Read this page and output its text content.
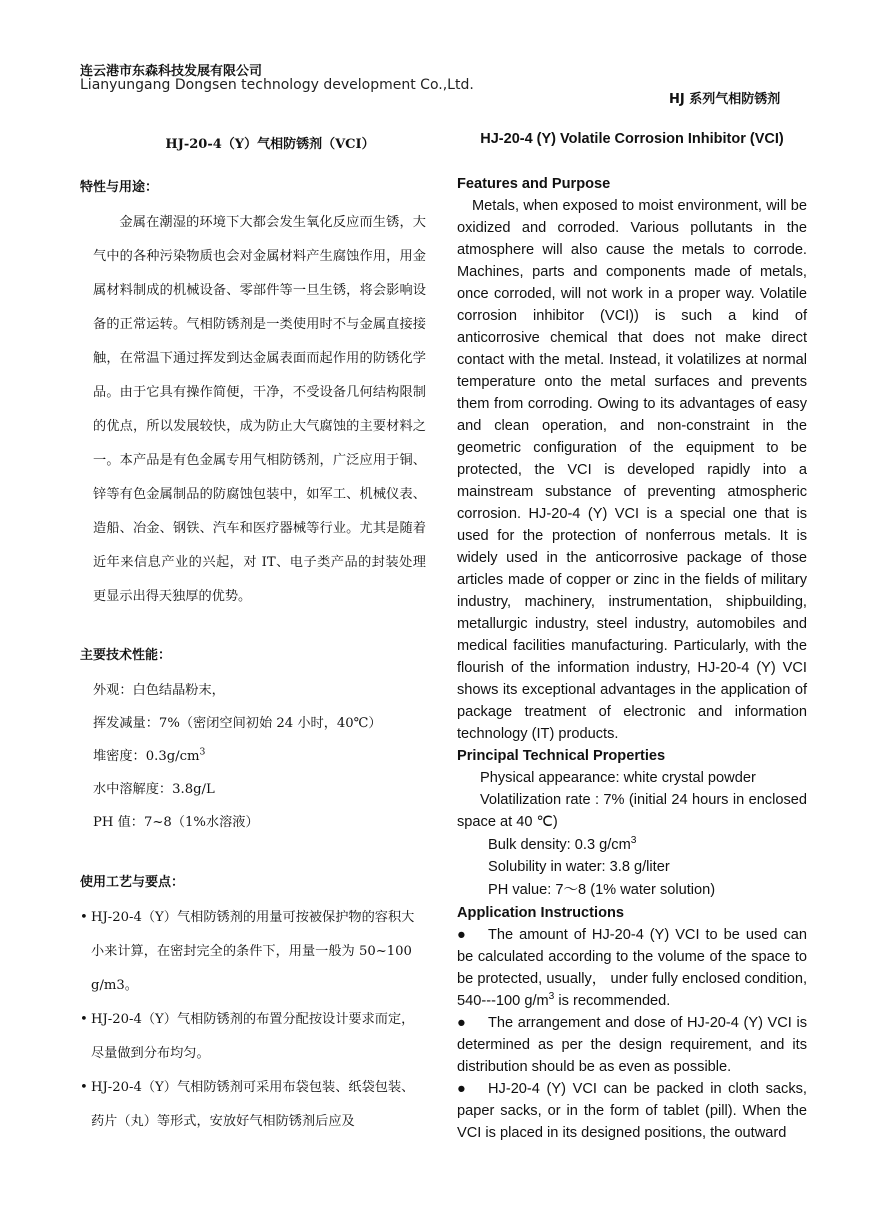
连云港市东森科技发展有限公司
Lianyungang Dongsen technology development Co.,Ltd.
HJ 系列气相防锈剂
HJ-20-4（Y）气相防锈剂（VCI）	HJ-20-4 (Y) Volatile Corrosion Inhibitor (VCI)
特性与用途：
金属在潮湿的环境下大都会发生氧化反应而生锈，大气中的各种污染物质也会对金属材料产生腐蚀作用，用金属材料制成的机械设备、零部件等一旦生锈，将会影响设备的正常运转。气相防锈剂是一类使用时不与金属直接接触，在常温下通过挥发到达金属表面而起作用的防锈化学品。由于它具有操作简便，干净，不受设备几何结构限制的优点，所以发展较快，成为防止大气腐蚀的主要材料之一。本产品是有色金属专用气相防锈剂，广泛应用于铜、锌等有色金属制品的防腐蚀包装中，如军工、机械仪表、造船、冶金、钢铁、汽车和医疗器械等行业。尤其是随着近年来信息产业的兴起，对 IT、电子类产品的封装处理更显示出得天独厚的优势。
主要技术性能：
外观：白色结晶粉末，
挥发减量：7%（密闭空间初始 24 小时，40℃）
堆密度：$0.3g/cm^3$
水中溶解度：3.8g/L
PH 值：7~8（1%水溶液）
使用工艺与要点：
• HJ-20-4（Y）气相防锈剂的用量可按被保护物的容积大小来计算，在密封完全的条件下，用量一般为 50~100 g/m3。
• HJ-20-4（Y）气相防锈剂的布置分配按设计要求而定，尽量做到分布均匀。
• HJ-20-4（Y）气相防锈剂可采用布袋包装、纸袋包装、药片（丸）等形式，安放好气相防锈剂后应及

Features and Purpose

Metals, when exposed to moist environment, will be oxidized and corroded. Various pollutants in the atmosphere will also cause the metals to corrode. Machines, parts and components made of metals, once corroded, will not work in a proper way. Volatile corrosion inhibitor (VCI)) is such a kind of anticorrosive chemical that does not make direct contact with the metal. Instead, it volatilizes at normal temperature onto the metal surfaces and prevents them from corroding. Owing to its advantages of easy and clean operation, and non-constraint in the geometric configuration of the equipment to be protected, the VCI is developed rapidly into a mainstream substance of preventing atmospheric corrosion. HJ-20-4 (Y) VCI is a special one that is used for the protection of nonferrous metals. It is widely used in the anticorrosive package of those articles made of copper or zinc in the fields of military industry, machinery, instrumentation, shipbuilding, metallurgic industry, steel industry, automobiles and medical facilities manufacturing. Particularly, with the flourish of the information industry, HJ-20-4 (Y) VCI shows its exceptional advantages in the application of package treatment of electronic and information technology (IT) products.

Principal Technical Properties

Physical appearance: white crystal powder

Volatilization rate : 7% (initial 24 hours in enclosed space at 40 ℃)

Bulk density: 0.3 $g/cm^3$

Solubility in water: 3.8 g/liter

PH value: 7～8 (1% water solution)

Application Instructions

● The amount of HJ-20-4 (Y) VCI to be used can be calculated according to the volume of the space to be protected, usually， under fully enclosed condition, 540---100 $g/m^3$ is recommended.

● The arrangement and dose of HJ-20-4 (Y) VCI is determined as per the design requirement, and its distribution should be as even as possible.

● HJ-20-4 (Y) VCI can be packed in cloth sacks, paper sacks, or in the form of tablet (pill). When the VCI is placed in its designed positions, the outward
